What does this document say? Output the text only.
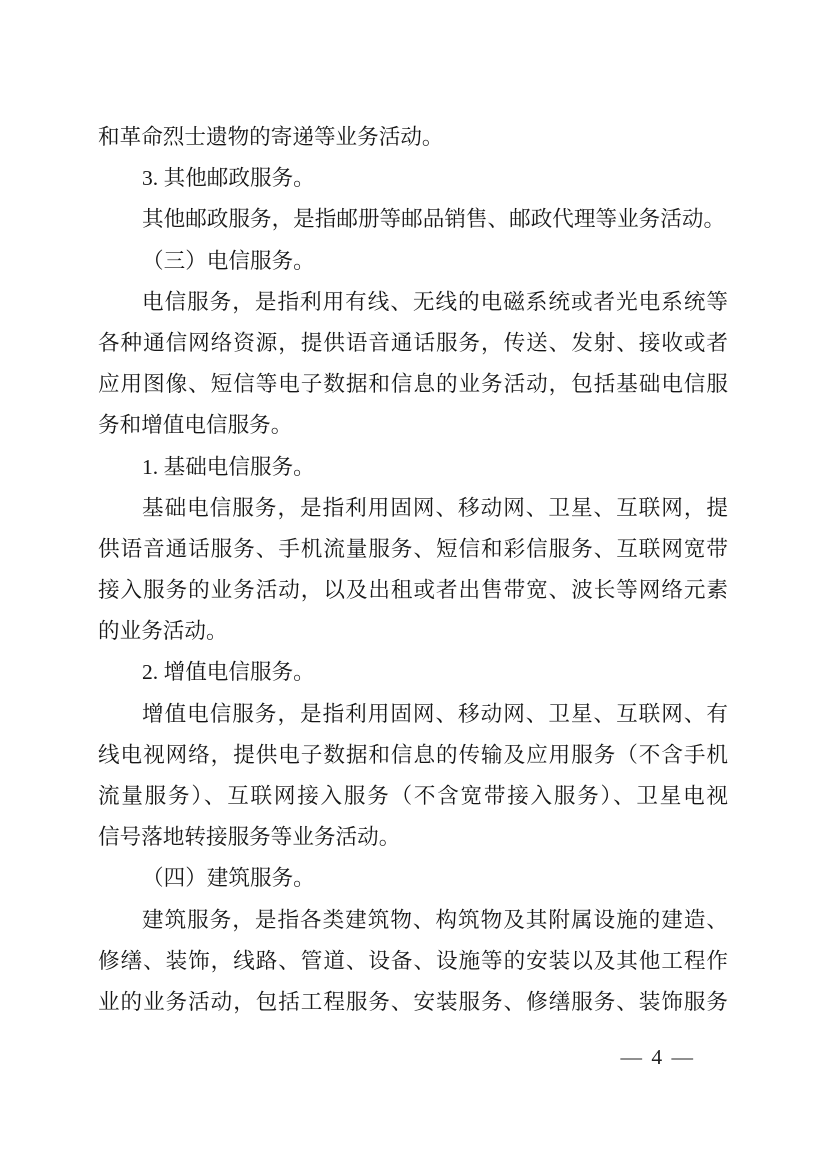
和革命烈士遗物的寄递等业务活动。
3. 其他邮政服务。
其他邮政服务，是指邮册等邮品销售、邮政代理等业务活动。
（三）电信服务。
电信服务，是指利用有线、无线的电磁系统或者光电系统等
各种通信网络资源，提供语音通话服务，传送、发射、接收或者
应用图像、短信等电子数据和信息的业务活动，包括基础电信服
务和增值电信服务。
1. 基础电信服务。
基础电信服务，是指利用固网、移动网、卫星、互联网，提
供语音通话服务、手机流量服务、短信和彩信服务、互联网宽带
接入服务的业务活动，以及出租或者出售带宽、波长等网络元素
的业务活动。
2. 增值电信服务。
增值电信服务，是指利用固网、移动网、卫星、互联网、有
线电视网络，提供电子数据和信息的传输及应用服务（不含手机
流量服务）、互联网接入服务（不含宽带接入服务）、卫星电视
信号落地转接服务等业务活动。
（四）建筑服务。
建筑服务，是指各类建筑物、构筑物及其附属设施的建造、
修缮、装饰，线路、管道、设备、设施等的安装以及其他工程作
业的业务活动，包括工程服务、安装服务、修缮服务、装饰服务
— 4 —
